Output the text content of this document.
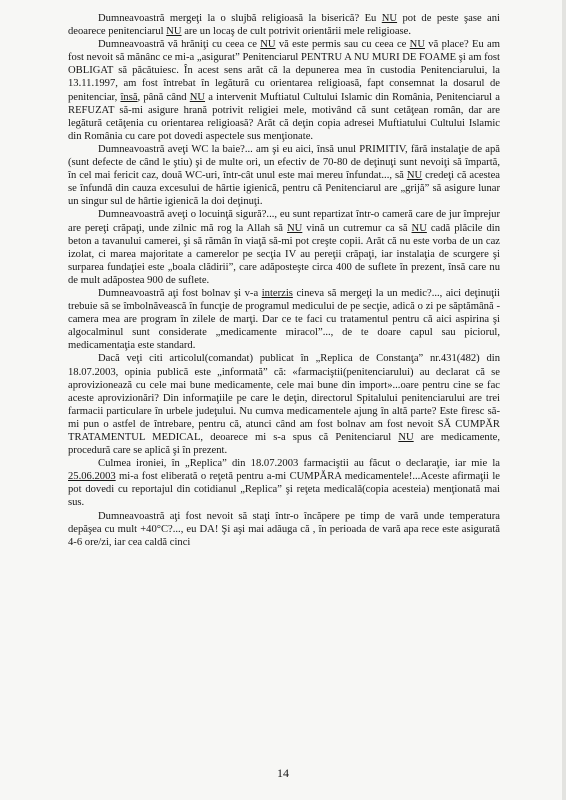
Dumneavoastră mergeţi la o slujbă religioasă la biserică? Eu NU pot de peste şase ani deoarece penitenciarul NU are un locaş de cult potrivit orientării mele religioase.

Dumneavoastră vă hrăniţi cu ceea ce NU vă este permis sau cu ceea ce NU vă place? Eu am fost nevoit să mănânc ce mi-a „asigurat” Penitenciarul PENTRU A NU MURI DE FOAME şi am fost OBLIGAT să păcătuiesc. În acest sens arăt că la depunerea mea în custodia Penitenciarului, la 13.11.1997, am fost întrebat în legătură cu orientarea religioasă, fapt consemnat la dosarul de penitenciar, însă, până când NU a intervenit Muftiatul Cultului Islamic din România, Penitenciarul a REFUZAT să-mi asigure hrană potrivit religiei mele, motivând că sunt cetăţean român, dar are legătură cetăţenia cu orientarea religioasă? Arăt că deţin copia adresei Muftiatului Cultului Islamic din România cu care pot dovedi aspectele sus menţionate.

Dumneavoastră aveţi WC la baie?... am şi eu aici, însă unul PRIMITIV, fără instalaţie de apă (sunt defecte de când le ştiu) şi de multe ori, un efectiv de 70-80 de deţinuţi sunt nevoiţi să împartă, în cel mai fericit caz, două WC-uri, într-cât unul este mai mereu înfundat..., să NU credeţi că acestea se înfundă din cauza excesului de hârtie igienică, pentru că Penitenciarul are „grijă” să asigure lunar un singur sul de hârtie igienică la doi deţinuţi.

Dumneavoastră aveţi o locuinţă sigură?..., eu sunt repartizat într-o cameră care de jur împrejur are pereţi crăpaţi, unde zilnic mă rog la Allah să NU vină un cutremur ca să NU cadă plăcile din beton a tavanului camerei, şi să rămân în viaţă să-mi pot creşte copii. Arăt că nu este vorba de un caz izolat, ci marea majoritate a camerelor pe secţia IV au pereţii crăpaţi, iar instalaţia de scurgere şi surparea fundaţiei este „boala clădirii”, care adăposteşte circa 400 de suflete în prezent, însă care nu de mult adăpostea 900 de suflete.

Dumneavoastră aţi fost bolnav şi v-a interzis cineva să mergeţi la un medic?..., aici deţinuţii trebuie să se îmbolnăvească în funcţie de programul medicului de pe secţie, adică o zi pe săptămână -camera mea are program în zilele de marţi. Dar ce te faci cu tratamentul pentru că aici aspirina şi algocalminul sunt considerate „medicamente miracol”..., de te doare capul sau piciorul, medicamentaţia este standard.

Dacă veţi citi articolul(comandat) publicat în „Replica de Constanţa” nr.431(482) din 18.07.2003, opinia publică este „informată” că: «farmaciştii(penitenciarului) au declarat că se aprovizionează cu cele mai bune medicamente, cele mai bune din import»...oare pentru cine se fac aceste aprovizionări? Din informaţiile pe care le deţin, directorul Spitalului penitenciarului are trei farmacii particulare în urbele judeţului. Nu cumva medicamentele ajung în altă parte? Este firesc să-mi pun o astfel de întrebare, pentru că, atunci când am fost bolnav am fost nevoit SĂ CUMPĂR TRATAMENTUL MEDICAL, deoarece mi s-a spus că Penitenciarul NU are medicamente, procedură care se aplică şi în prezent.

Culmea ironiei, în „Replica” din 18.07.2003 farmaciştii au făcut o declaraţie, iar mie la 25.06.2003 mi-a fost eliberată o reţetă pentru a-mi CUMPĂRA medicamentele!...Aceste afirmaţii le pot dovedi cu reportajul din cotidianul „Replica” şi reţeta medicală(copia acesteia) menţionată mai sus.

Dumneavoastră aţi fost nevoit să staţi într-o încăpere pe timp de vară unde temperatura depăşea cu mult +40°C?..., eu DA! Şi aşi mai adăuga că , în perioada de vară apa rece este asigurată 4-6 ore/zi, iar cea caldă cinci

14
